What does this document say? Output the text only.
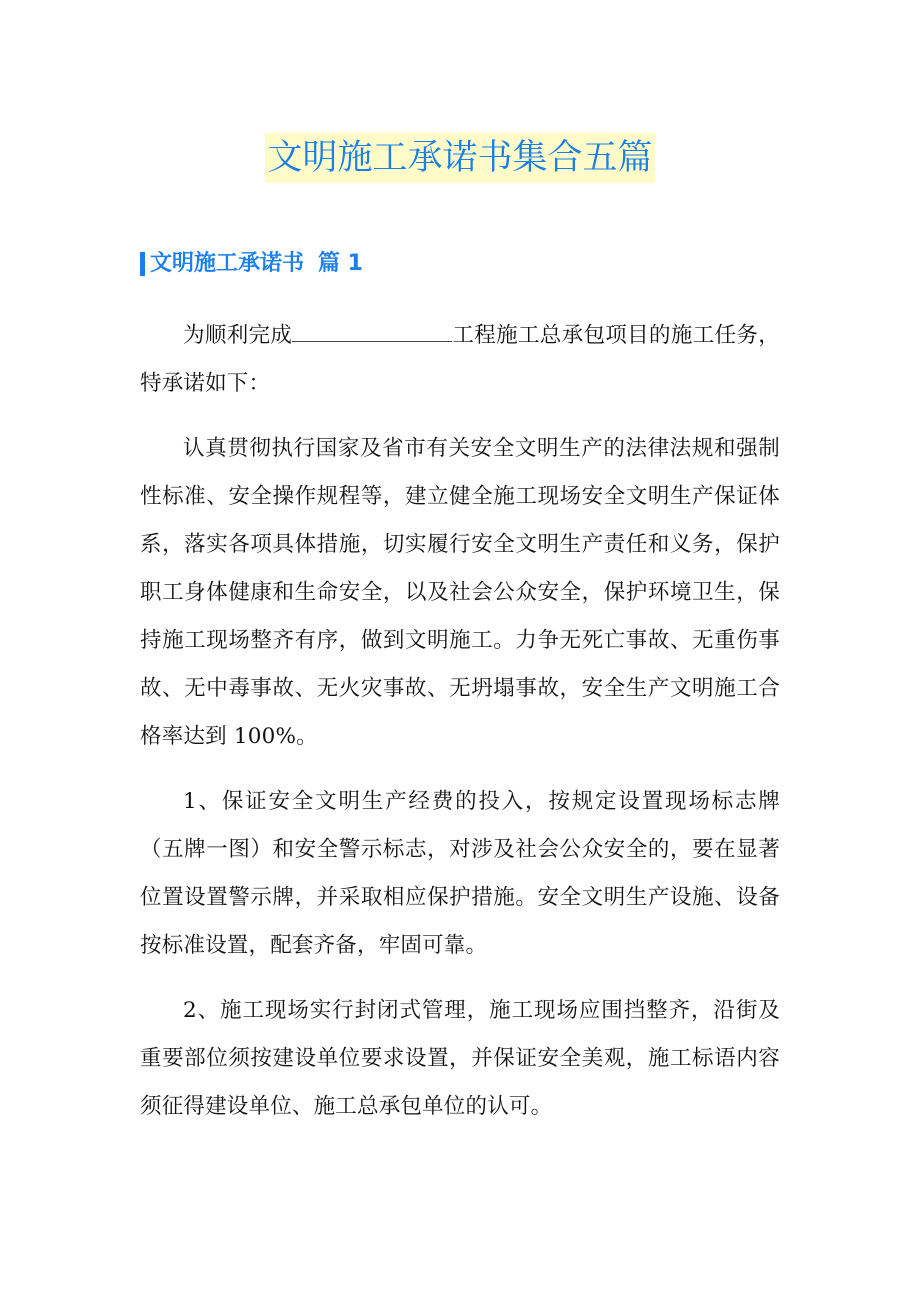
文明施工承诺书集合五篇
文明施工承诺书 篇 1

为顺利完成	工程施工总承包项目的施工任务，特承诺如下：

认真贯彻执行国家及省市有关安全文明生产的法律法规和强制性标准、安全操作规程等，建立健全施工现场安全文明生产保证体系，落实各项具体措施，切实履行安全文明生产责任和义务，保护职工身体健康和生命安全，以及社会公众安全，保护环境卫生，保持施工现场整齐有序，做到文明施工。力争无死亡事故、无重伤事故、无中毒事故、无火灾事故、无坍塌事故，安全生产文明施工合格率达到 100%。

1、保证安全文明生产经费的投入，按规定设置现场标志牌（五牌一图）和安全警示标志，对涉及社会公众安全的，要在显著位置设置警示牌，并采取相应保护措施。安全文明生产设施、设备按标准设置，配套齐备，牢固可靠。

2、施工现场实行封闭式管理，施工现场应围挡整齐，沿街及重要部位须按建设单位要求设置，并保证安全美观，施工标语内容须征得建设单位、施工总承包单位的认可。
